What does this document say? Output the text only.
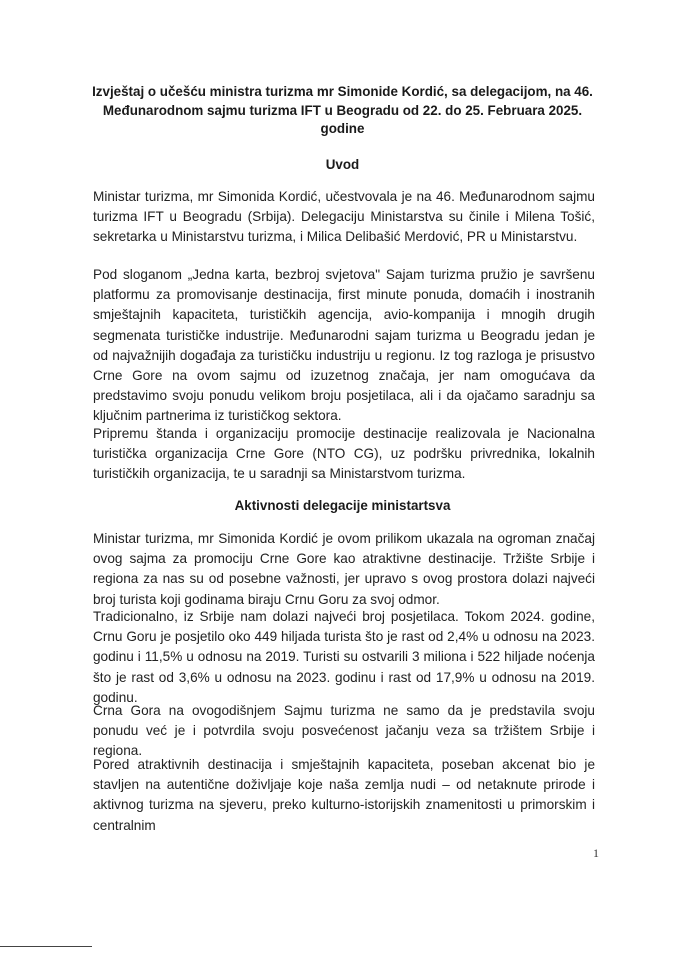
Izvještaj o učešću ministra turizma mr Simonide Kordić, sa delegacijom, na 46. Međunarodnom sajmu turizma IFT u Beogradu od 22. do 25. Februara 2025. godine
Uvod
Ministar turizma, mr Simonida Kordić, učestvovala je na 46. Međunarodnom sajmu turizma IFT u Beogradu (Srbija). Delegaciju Ministarstva su činile i Milena Tošić, sekretarka u Ministarstvu turizma, i Milica Delibašić Merdović, PR u Ministarstvu.
Pod sloganom „Jedna karta, bezbroj svjetova" Sajam turizma pružio je savršenu platformu za promovisanje destinacija, first minute ponuda, domaćih i inostranih smještajnih kapaciteta, turističkih agencija, avio-kompanija i mnogih drugih segmenata turističke industrije. Međunarodni sajam turizma u Beogradu jedan je od najvažnijih događaja za turističku industriju u regionu. Iz tog razloga je prisustvo Crne Gore na ovom sajmu od izuzetnog značaja, jer nam omogućava da predstavimo svoju ponudu velikom broju posjetilaca, ali i da ojačamo saradnju sa ključnim partnerima iz turističkog sektora.
Pripremu štanda i organizaciju promocije destinacije realizovala je Nacionalna turistička organizacija Crne Gore (NTO CG), uz podršku privrednika, lokalnih turističkih organizacija, te u saradnji sa Ministarstvom turizma.
Aktivnosti delegacije ministartsva
Ministar turizma, mr Simonida Kordić je ovom prilikom ukazala na ogroman značaj ovog sajma za promociju Crne Gore kao atraktivne destinacije. Tržište Srbije i regiona za nas su od posebne važnosti, jer upravo s ovog prostora dolazi najveći broj turista koji godinama biraju Crnu Goru za svoj odmor.
Tradicionalno, iz Srbije nam dolazi najveći broj posjetilaca. Tokom 2024. godine, Crnu Goru je posjetilo oko 449 hiljada turista što je rast od 2,4% u odnosu na 2023. godinu i 11,5% u odnosu na 2019. Turisti su ostvarili 3 miliona i 522 hiljade noćenja što je rast od 3,6% u odnosu na 2023. godinu i rast od 17,9% u odnosu na 2019. godinu.
Crna Gora na ovogodišnjem Sajmu turizma ne samo da je predstavila svoju ponudu već je i potvrdila svoju posvećenost jačanju veza sa tržištem Srbije i regiona.
Pored atraktivnih destinacija i smještajnih kapaciteta, poseban akcenat bio je stavljen na autentične doživljaje koje naša zemlja nudi – od netaknute prirode i aktivnog turizma na sjeveru, preko kulturno-istorijskih znamenitosti u primorskim i centralnim
1
